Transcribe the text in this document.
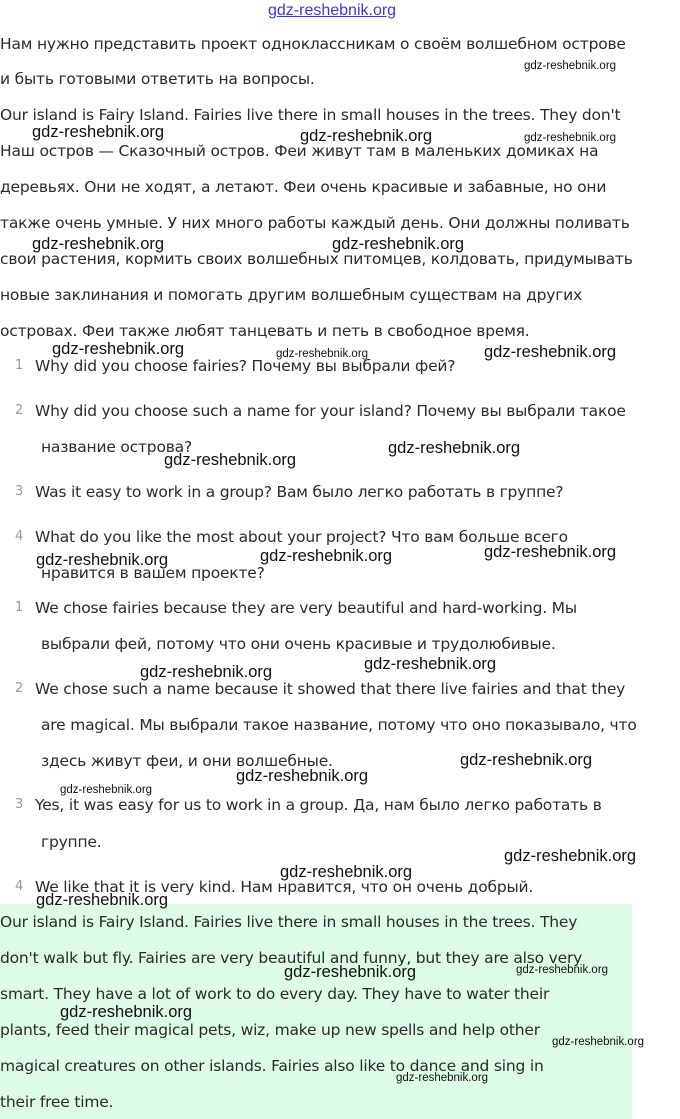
gdz-reshebnik.org
Нам нужно представить проект одноклассникам о своём волшебном острове
и быть готовыми ответить на вопросы.
Our island is Fairy Island. Fairies live there in small houses in the trees. They don't
Наш остров — Сказочный остров. Феи живут там в маленьких домиках на
деревьях. Они не ходят, а летают. Феи очень красивые и забавные, но они
также очень умные. У них много работы каждый день. Они должны поливать
свои растения, кормить своих волшебных питомцев, колдовать, придумывать
новые заклинания и помогать другим волшебным существам на других
островах. Феи также любят танцевать и петь в свободное время.
1 Why did you choose fairies? Почему вы выбрали фей?
2 Why did you choose such a name for your island? Почему вы выбрали такое
название острова?
3 Was it easy to work in a group? Вам было легко работать в группе?
4 What do you like the most about your project? Что вам больше всего
нравится в вашем проекте?
1 We chose fairies because they are very beautiful and hard-working. Мы
выбрали фей, потому что они очень красивые и трудолюбивые.
2 We chose such a name because it showed that there live fairies and that they
are magical. Мы выбрали такое название, потому что оно показывало, что
здесь живут феи, и они волшебные.
3 Yes, it was easy for us to work in a group. Да, нам было легко работать в
группе.
4 We like that it is very kind. Нам нравится, что он очень добрый.
Our island is Fairy Island. Fairies live there in small houses in the trees. They
don't walk but fly. Fairies are very beautiful and funny, but they are also very
smart. They have a lot of work to do every day. They have to water their
plants, feed their magical pets, wiz, make up new spells and help other
magical creatures on other islands. Fairies also like to dance and sing in
their free time.
gdz-reshebnik.org
gdz-reshebnik.org	gdz-reshebnik.org	gdz-reshebnik.org
gdz-reshebnik.org	gdz-reshebnik.org
gdz-reshebnik.org	gdz-reshebnik.org	gdz-reshebnik.org
gdz-reshebnik.org
gdz-reshebnik.org
gdz-reshebnik.org	gdz-reshebnik.org	gdz-reshebnik.org
gdz-reshebnik.org	gdz-reshebnik.org
gdz-reshebnik.org
gdz-reshebnik.org
gdz-reshebnik.org
gdz-reshebnik.org
gdz-reshebnik.org
gdz-reshebnik.org
gdz-reshebnik.org	gdz-reshebnik.org
gdz-reshebnik.org
gdz-reshebnik.org
gdz-reshebnik.org
